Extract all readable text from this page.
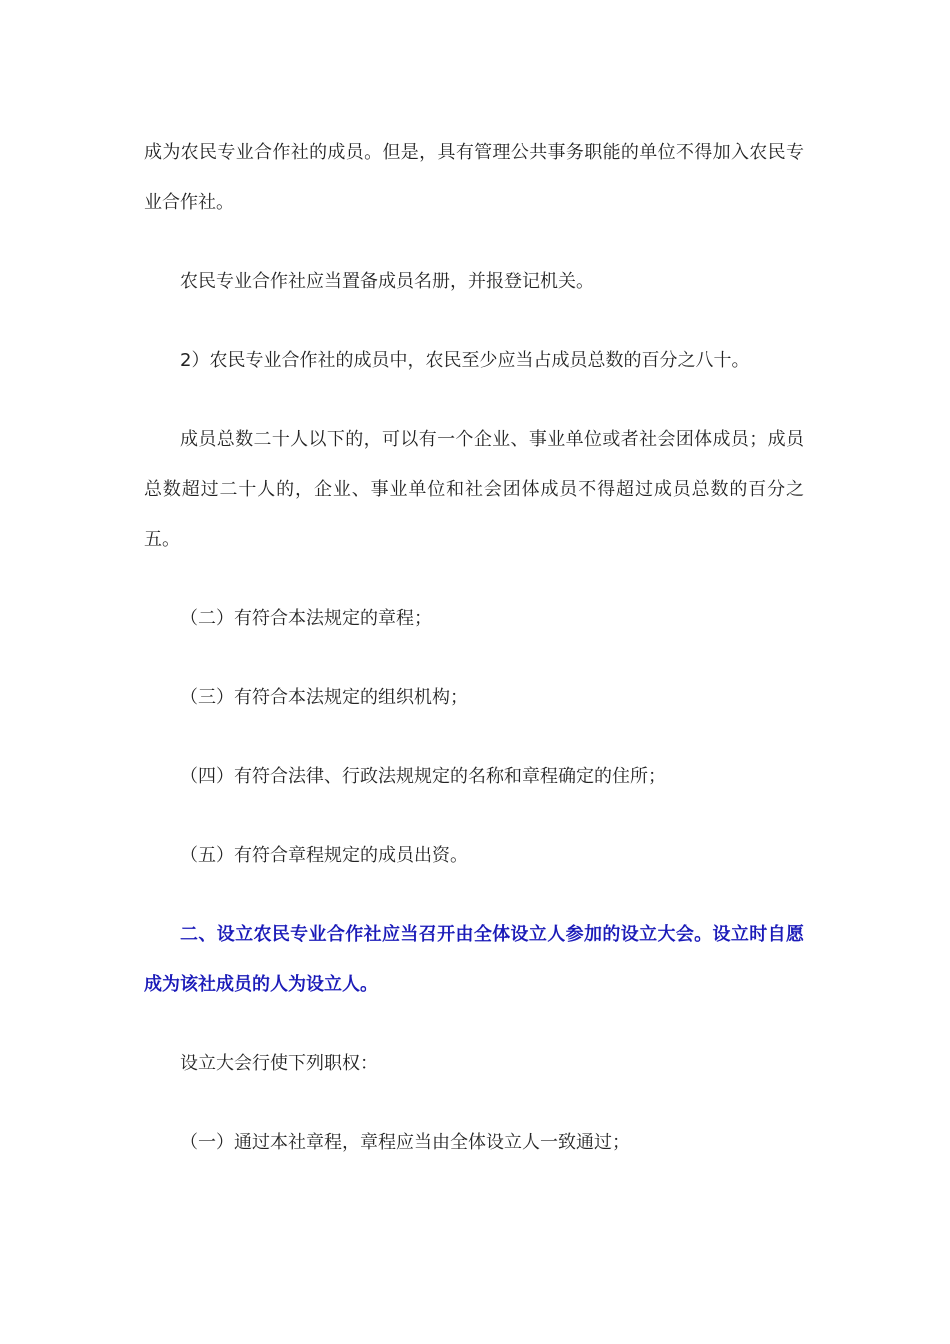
成为农民专业合作社的成员。但是，具有管理公共事务职能的单位不得加入农民专业合作社。

农民专业合作社应当置备成员名册，并报登记机关。

2）农民专业合作社的成员中，农民至少应当占成员总数的百分之八十。

成员总数二十人以下的，可以有一个企业、事业单位或者社会团体成员；成员总数超过二十人的，企业、事业单位和社会团体成员不得超过成员总数的百分之五。

（二）有符合本法规定的章程；

（三）有符合本法规定的组织机构；

（四）有符合法律、行政法规规定的名称和章程确定的住所；

（五）有符合章程规定的成员出资。

二、设立农民专业合作社应当召开由全体设立人参加的设立大会。设立时自愿成为该社成员的人为设立人。

设立大会行使下列职权：

（一）通过本社章程，章程应当由全体设立人一致通过；
